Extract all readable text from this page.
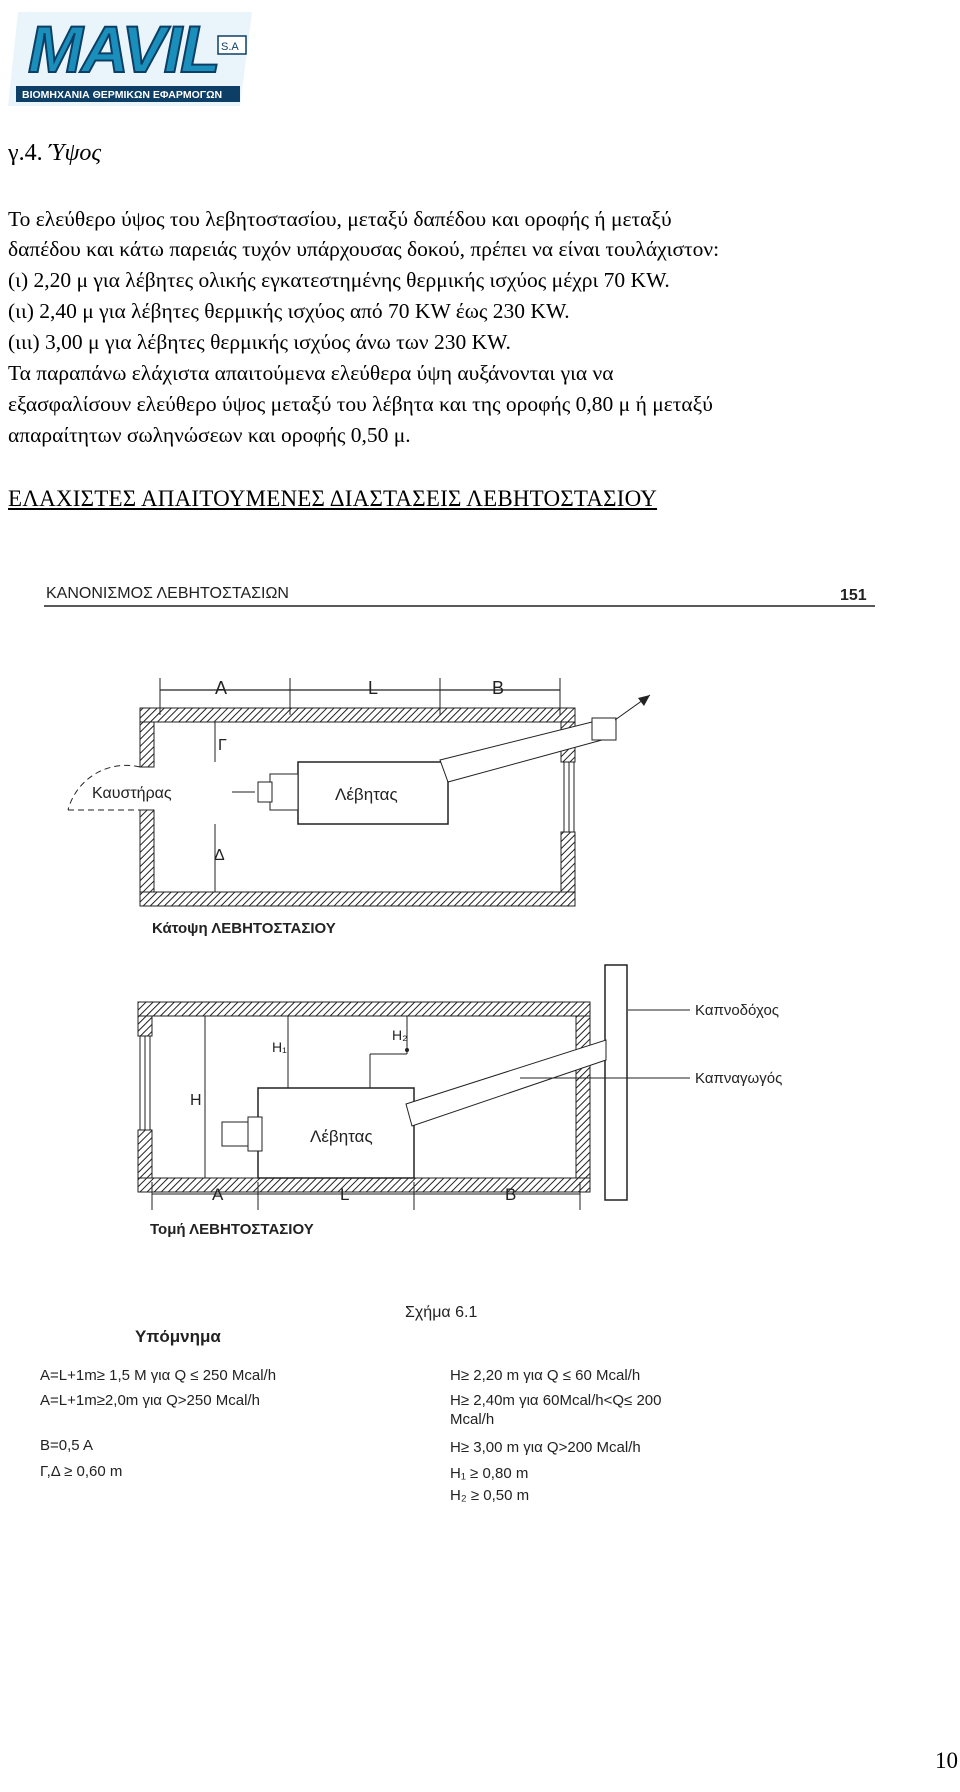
MAVIL S.A
ΒΙΟΜΗΧΑΝΙΑ ΘΕΡΜΙΚΩΝ ΕΦΑΡΜΟΓΩΝ
γ.4. Ύψος
Το ελεύθερο ύψος του λεβητοστασίου, μεταξύ δαπέδου και οροφής ή μεταξύ
δαπέδου και κάτω παρειάς τυχόν υπάρχουσας δοκού, πρέπει να είναι τουλάχιστον:
(ι) 2,20 μ για λέβητες ολικής εγκατεστημένης θερμικής ισχύος μέχρι 70 KW.
(ιι) 2,40 μ για λέβητες θερμικής ισχύος από 70 KW έως 230 KW.
(ιιι) 3,00 μ για λέβητες θερμικής ισχύος άνω των 230 KW.
Τα παραπάνω ελάχιστα απαιτούμενα ελεύθερα ύψη αυξάνονται για να
εξασφαλίσουν ελεύθερο ύψος μεταξύ του λέβητα και της οροφής 0,80 μ ή μεταξύ
απαραίτητων σωληνώσεων και οροφής 0,50 μ.
ΕΛΑΧΙΣΤΕΣ ΑΠΑΙΤΟΥΜΕΝΕΣ ΔΙΑΣΤΑΣΕΙΣ ΛΕΒΗΤΟΣΤΑΣΙΟΥ
ΚΑΝΟΝΙΣΜΟΣ ΛΕΒΗΤΟΣΤΑΣΙΩΝ	151
A	L	B
Λέβητας
Καυστήρας
Γ
Δ
Κάτοψη ΛΕΒΗΤΟΣΤΑΣΙΟΥ
H
H₁
H₂
Λέβητας
Καπνοδόχος
Καπναγωγός
A	L	B
Τομή ΛΕΒΗΤΟΣΤΑΣΙΟΥ
Σχήμα 6.1
Υπόμνημα
A=L+1m≥ 1,5 M για Q ≤ 250 Mcal/h
A=L+1m≥2,0m για Q>250 Mcal/h
B=0,5 A
Γ,Δ ≥ 0,60 m
H≥ 2,20 m για Q ≤ 60 Mcal/h
H≥ 2,40m για 60Mcal/h<Q≤ 200
Mcal/h
H≥ 3,00 m για Q>200 Mcal/h
H₁ ≥ 0,80 m
H₂ ≥ 0,50 m
10
